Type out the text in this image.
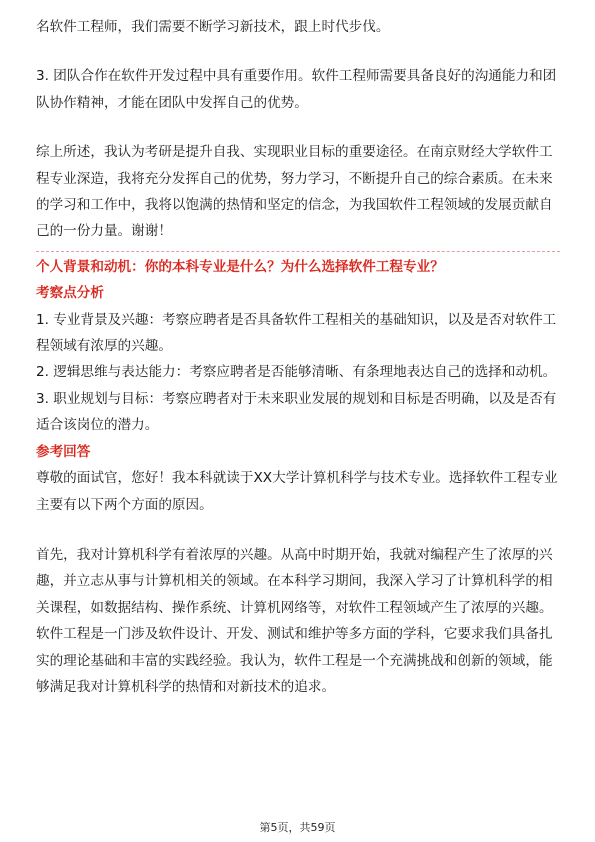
名软件工程师，我们需要不断学习新技术，跟上时代步伐。

3. 团队合作在软件开发过程中具有重要作用。软件工程师需要具备良好的沟通能力和团队协作精神，才能在团队中发挥自己的优势。

综上所述，我认为考研是提升自我、实现职业目标的重要途径。在南京财经大学软件工程专业深造，我将充分发挥自己的优势，努力学习，不断提升自己的综合素质。在未来的学习和工作中，我将以饱满的热情和坚定的信念，为我国软件工程领域的发展贡献自己的一份力量。谢谢！

个人背景和动机：你的本科专业是什么？为什么选择软件工程专业？

考察点分析

1. 专业背景及兴趣：考察应聘者是否具备软件工程相关的基础知识，以及是否对软件工程领域有浓厚的兴趣。

2. 逻辑思维与表达能力：考察应聘者是否能够清晰、有条理地表达自己的选择和动机。

3. 职业规划与目标：考察应聘者对于未来职业发展的规划和目标是否明确，以及是否有适合该岗位的潜力。

参考回答

尊敬的面试官，您好！我本科就读于XX大学计算机科学与技术专业。选择软件工程专业主要有以下两个方面的原因。

首先，我对计算机科学有着浓厚的兴趣。从高中时期开始，我就对编程产生了浓厚的兴趣，并立志从事与计算机相关的领域。在本科学习期间，我深入学习了计算机科学的相关课程，如数据结构、操作系统、计算机网络等，对软件工程领域产生了浓厚的兴趣。软件工程是一门涉及软件设计、开发、测试和维护等多方面的学科，它要求我们具备扎实的理论基础和丰富的实践经验。我认为，软件工程是一个充满挑战和创新的领域，能够满足我对计算机科学的热情和对新技术的追求。

第5页，共59页
